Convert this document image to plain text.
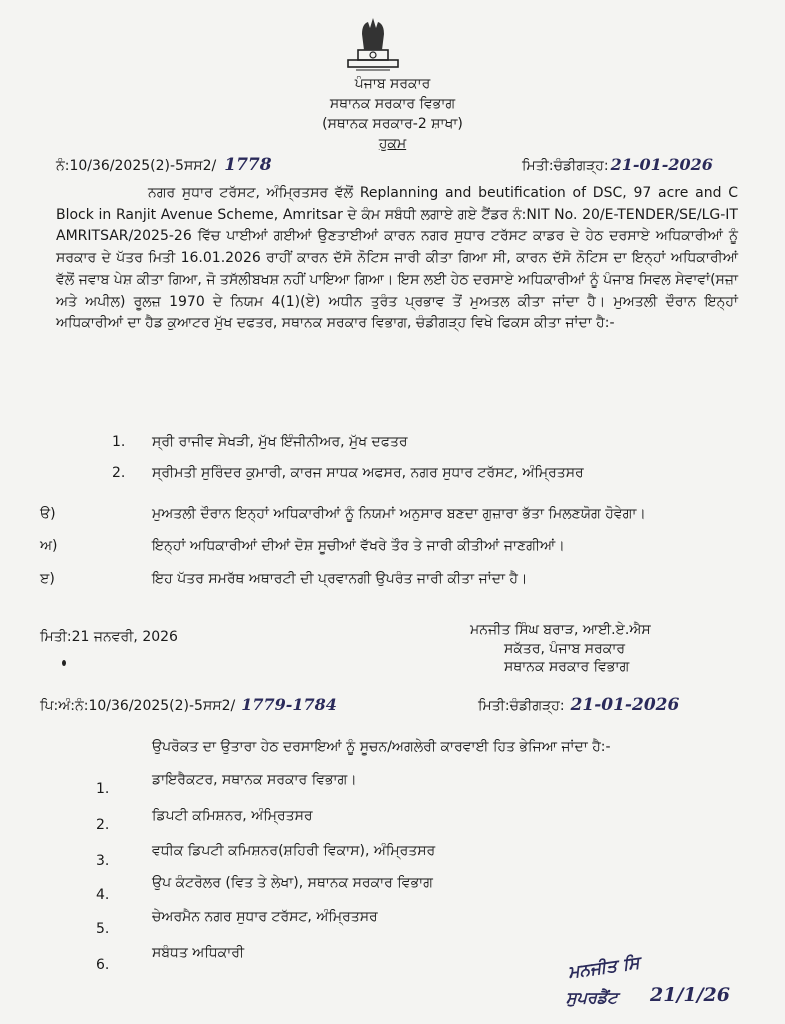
ਪੰਜਾਬ ਸਰਕਾਰ
ਸਥਾਨਕ ਸਰਕਾਰ ਵਿਭਾਗ
(ਸਥਾਨਕ ਸਰਕਾਰ-2 ਸ਼ਾਖਾ)
ਹੁਕਮ
ਨੰ:10/36/2025(2)-5ਸਸ2/ 1778	ਮਿਤੀ:ਚੰਡੀਗੜ੍ਹ: 21-01-2026
ਨਗਰ ਸੁਧਾਰ ਟਰੱਸਟ, ਅੰਮ੍ਰਿਤਸਰ ਵੱਲੋਂ Replanning and beutification of DSC, 97 acre and C Block in Ranjit Avenue Scheme, Amritsar ਦੇ ਕੰਮ ਸਬੰਧੀ ਲਗਾਏ ਗਏ ਟੈਂਡਰ ਨੰ:NIT No. 20/E-TENDER/SE/LG-IT AMRITSAR/2025-26 ਵਿੱਚ ਪਾਈਆਂ ਗਈਆਂ ਉਣਤਾਈਆਂ ਕਾਰਨ ਨਗਰ ਸੁਧਾਰ ਟਰੱਸਟ ਕਾਡਰ ਦੇ ਹੇਠ ਦਰਸਾਏ ਅਧਿਕਾਰੀਆਂ ਨੂੰ ਸਰਕਾਰ ਦੇ ਪੱਤਰ ਮਿਤੀ 16.01.2026 ਰਾਹੀਂ ਕਾਰਨ ਦੱਸੋ ਨੋਟਿਸ ਜਾਰੀ ਕੀਤਾ ਗਿਆ ਸੀ, ਕਾਰਨ ਦੱਸੋ ਨੋਟਿਸ ਦਾ ਇਨ੍ਹਾਂ ਅਧਿਕਾਰੀਆਂ ਵੱਲੋਂ ਜਵਾਬ ਪੇਸ਼ ਕੀਤਾ ਗਿਆ, ਜੋ ਤਸੱਲੀਬਖਸ਼ ਨਹੀਂ ਪਾਇਆ ਗਿਆ। ਇਸ ਲਈ ਹੇਠ ਦਰਸਾਏ ਅਧਿਕਾਰੀਆਂ ਨੂੰ ਪੰਜਾਬ ਸਿਵਲ ਸੇਵਾਵਾਂ(ਸਜ਼ਾ ਅਤੇ ਅਪੀਲ) ਰੂਲਜ਼ 1970 ਦੇ ਨਿਯਮ 4(1)(ਏ) ਅਧੀਨ ਤੁਰੰਤ ਪ੍ਰਭਾਵ ਤੋਂ ਮੁਅਤਲ ਕੀਤਾ ਜਾਂਦਾ ਹੈ। ਮੁਅਤਲੀ ਦੌਰਾਨ ਇਨ੍ਹਾਂ ਅਧਿਕਾਰੀਆਂ ਦਾ ਹੈਡ ਕੁਆਟਰ ਮੁੱਖ ਦਫਤਰ, ਸਥਾਨਕ ਸਰਕਾਰ ਵਿਭਾਗ, ਚੰਡੀਗੜ੍ਹ ਵਿਖੇ ਫਿਕਸ ਕੀਤਾ ਜਾਂਦਾ ਹੈ:-
1. ਸ੍ਰੀ ਰਾਜੀਵ ਸੇਖੜੀ, ਮੁੱਖ ਇੰਜੀਨੀਅਰ, ਮੁੱਖ ਦਫਤਰ
2. ਸ੍ਰੀਮਤੀ ਸੁਰਿੰਦਰ ਕੁਮਾਰੀ, ਕਾਰਜ ਸਾਧਕ ਅਫਸਰ, ਨਗਰ ਸੁਧਾਰ ਟਰੱਸਟ, ਅੰਮ੍ਰਿਤਸਰ
ੳ)	ਮੁਅਤਲੀ ਦੌਰਾਨ ਇਨ੍ਹਾਂ ਅਧਿਕਾਰੀਆਂ ਨੂੰ ਨਿਯਮਾਂ ਅਨੁਸਾਰ ਬਣਦਾ ਗੁਜ਼ਾਰਾ ਭੱਤਾ ਮਿਲਣਯੋਗ ਹੋਵੇਗਾ।
ਅ)	ਇਨ੍ਹਾਂ ਅਧਿਕਾਰੀਆਂ ਦੀਆਂ ਦੋਸ਼ ਸੂਚੀਆਂ ਵੱਖਰੇ ਤੌਰ ਤੇ ਜਾਰੀ ਕੀਤੀਆਂ ਜਾਣਗੀਆਂ।
ੲ)	ਇਹ ਪੱਤਰ ਸਮਰੱਥ ਅਥਾਰਟੀ ਦੀ ਪ੍ਰਵਾਨਗੀ ਉਪਰੰਤ ਜਾਰੀ ਕੀਤਾ ਜਾਂਦਾ ਹੈ।
ਮਿਤੀ:21 ਜਨਵਰੀ, 2026	ਮਨਜੀਤ ਸਿੰਘ ਬਰਾੜ, ਆਈ.ਏ.ਐਸ
ਸਕੱਤਰ, ਪੰਜਾਬ ਸਰਕਾਰ
ਸਥਾਨਕ ਸਰਕਾਰ ਵਿਭਾਗ
ਪਿ:ਅੰ:ਨੰ:10/36/2025(2)-5ਸਸ2/ 1779-1784	ਮਿਤੀ:ਚੰਡੀਗੜ੍ਹ: 21-01-2026
ਉਪਰੋਕਤ ਦਾ ਉਤਾਰਾ ਹੇਠ ਦਰਸਾਇਆਂ ਨੂੰ ਸੂਚਨ/ਅਗਲੇਰੀ ਕਾਰਵਾਈ ਹਿਤ ਭੇਜਿਆ ਜਾਂਦਾ ਹੈ:-
1.
ਡਾਇਰੈਕਟਰ, ਸਥਾਨਕ ਸਰਕਾਰ ਵਿਭਾਗ।
2.
ਡਿਪਟੀ ਕਮਿਸ਼ਨਰ, ਅੰਮ੍ਰਿਤਸਰ
3.
ਵਧੀਕ ਡਿਪਟੀ ਕਮਿਸ਼ਨਰ(ਸ਼ਹਿਰੀ ਵਿਕਾਸ), ਅੰਮ੍ਰਿਤਸਰ
4.
ਉਪ ਕੰਟਰੋਲਰ (ਵਿਤ ਤੇ ਲੇਖਾ), ਸਥਾਨਕ ਸਰਕਾਰ ਵਿਭਾਗ
5.
ਚੇਅਰਮੈਨ ਨਗਰ ਸੁਧਾਰ ਟਰੱਸਟ, ਅੰਮ੍ਰਿਤਸਰ
6.
ਸਬੰਧਤ ਅਧਿਕਾਰੀ
ਮਨਜੀਤ ਸਿ
ਸੁਪਰਡੈਂਟ 21/1/26
